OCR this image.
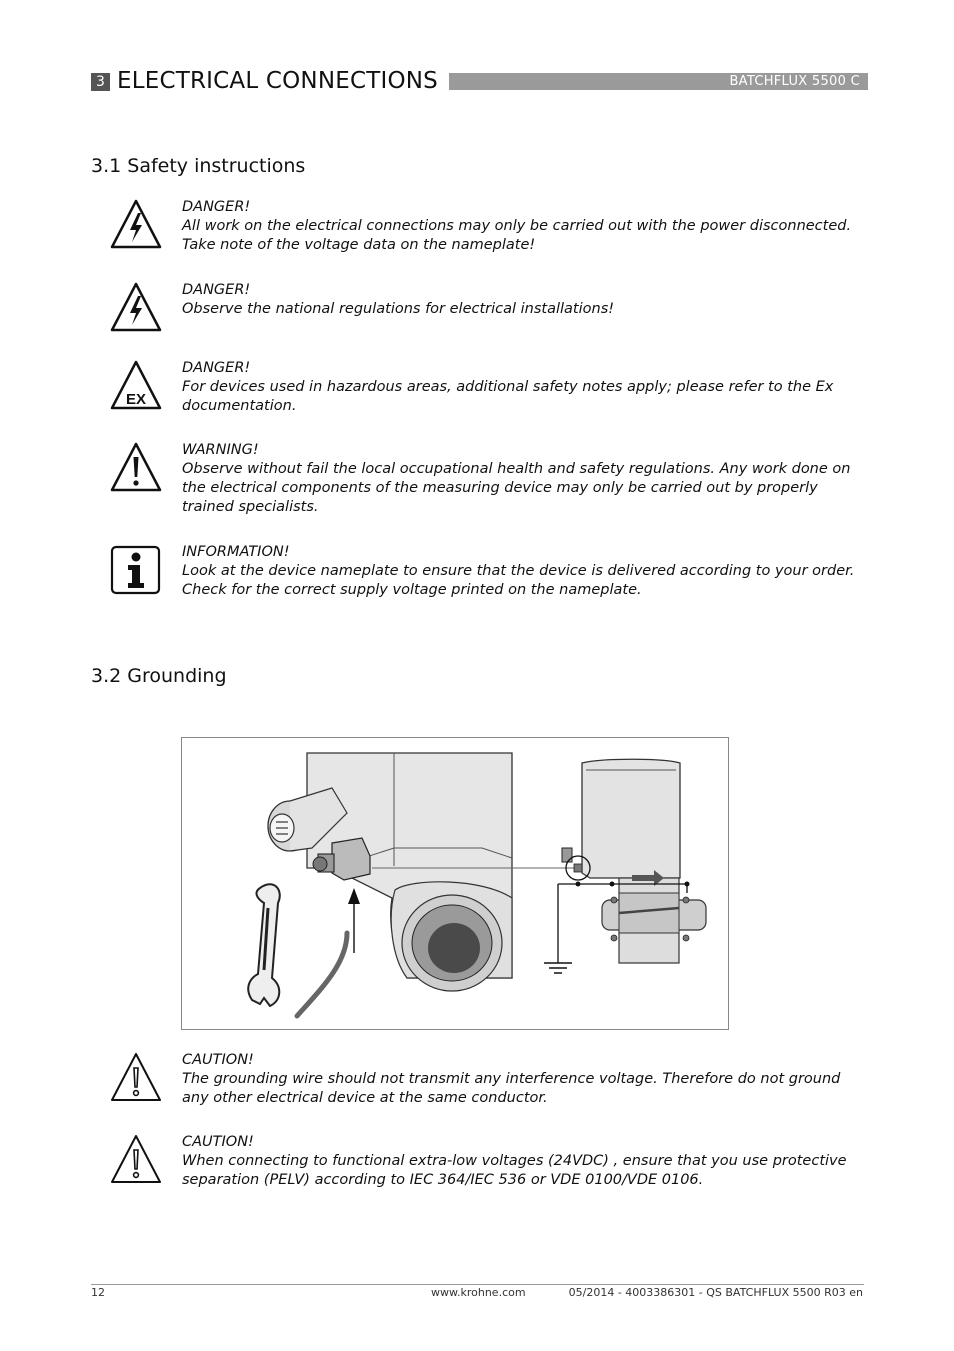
3 ELECTRICAL CONNECTIONS	BATCHFLUX 5500 C
3.1 Safety instructions
DANGER!
All work on the electrical connections may only be carried out with the power disconnected. Take note of the voltage data on the nameplate!
DANGER!
Observe the national regulations for electrical installations!
EX
DANGER!
For devices used in hazardous areas, additional safety notes apply; please refer to the Ex documentation.
WARNING!
Observe without fail the local occupational health and safety regulations. Any work done on the electrical components of the measuring device may only be carried out by properly trained specialists.
INFORMATION!
Look at the device nameplate to ensure that the device is delivered according to your order. Check for the correct supply voltage printed on the nameplate.
3.2 Grounding
CAUTION!
The grounding wire should not transmit any interference voltage. Therefore do not ground any other electrical device at the same conductor.
CAUTION!
When connecting to functional extra-low voltages (24VDC) , ensure that you use protective separation (PELV) according to IEC 364/IEC 536 or VDE 0100/VDE 0106.
12	www.krohne.com	05/2014 - 4003386301 - QS BATCHFLUX 5500 R03 en
